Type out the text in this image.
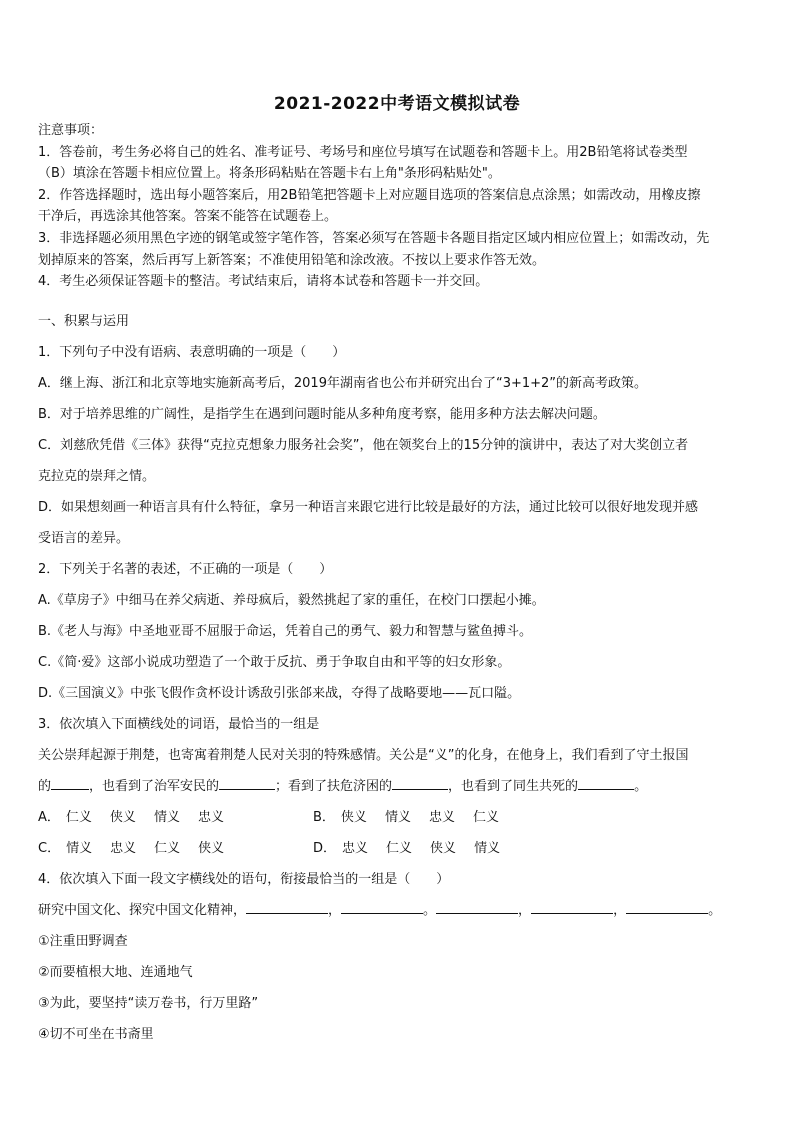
2021-2022中考语文模拟试卷

注意事项：

1．答卷前，考生务必将自己的姓名、准考证号、考场号和座位号填写在试题卷和答题卡上。用2B铅笔将试卷类型

（B）填涂在答题卡相应位置上。将条形码粘贴在答题卡右上角"条形码粘贴处"。

2．作答选择题时，选出每小题答案后，用2B铅笔把答题卡上对应题目选项的答案信息点涂黑；如需改动，用橡皮擦

干净后，再选涂其他答案。答案不能答在试题卷上。

3．非选择题必须用黑色字迹的钢笔或签字笔作答，答案必须写在答题卡各题目指定区域内相应位置上；如需改动，先

划掉原来的答案，然后再写上新答案；不准使用铅笔和涂改液。不按以上要求作答无效。

4．考生必须保证答题卡的整洁。考试结束后，请将本试卷和答题卡一并交回。

一、积累与运用

1．下列句子中没有语病、表意明确的一项是（　　）

A．继上海、浙江和北京等地实施新高考后，2019年湖南省也公布并研究出台了“3+1+2”的新高考政策。

B．对于培养思维的广阔性，是指学生在遇到问题时能从多种角度考察，能用多种方法去解决问题。

C．刘慈欣凭借《三体》获得“克拉克想象力服务社会奖”，他在领奖台上的15分钟的演讲中，表达了对大奖创立者

克拉克的崇拜之情。

D．如果想刻画一种语言具有什么特征，拿另一种语言来跟它进行比较是最好的方法，通过比较可以很好地发现并感

受语言的差异。

2．下列关于名著的表述，不正确的一项是（　　）

A.《草房子》中细马在养父病逝、养母疯后，毅然挑起了家的重任，在校门口摆起小摊。

B.《老人与海》中圣地亚哥不屈服于命运，凭着自己的勇气、毅力和智慧与鲨鱼搏斗。

C.《简·爱》这部小说成功塑造了一个敢于反抗、勇于争取自由和平等的妇女形象。

D.《三国演义》中张飞假作贪杯设计诱敌引张郃来战，夺得了战略要地——瓦口隘。

3．依次填入下面横线处的词语，最恰当的一组是

关公崇拜起源于荆楚，也寄寓着荆楚人民对关羽的特殊感情。关公是“义”的化身，在他身上，我们看到了守土报国

的	，也看到了治军安民的	；看到了扶危济困的	，也看到了同生共死的	。

A． 仁义 侠义 情义 忠义	B． 侠义 情义 忠义 仁义
C． 情义 忠义 仁义 侠义	D． 忠义 仁义 侠义 情义

4．依次填入下面一段文字横线处的语句，衔接最恰当的一组是（　　）

研究中国文化、探究中国文化精神，	，	。	，	，	。

①注重田野调查

②而要植根大地、连通地气

③为此，要坚持“读万卷书，行万里路”

④切不可坐在书斋里
